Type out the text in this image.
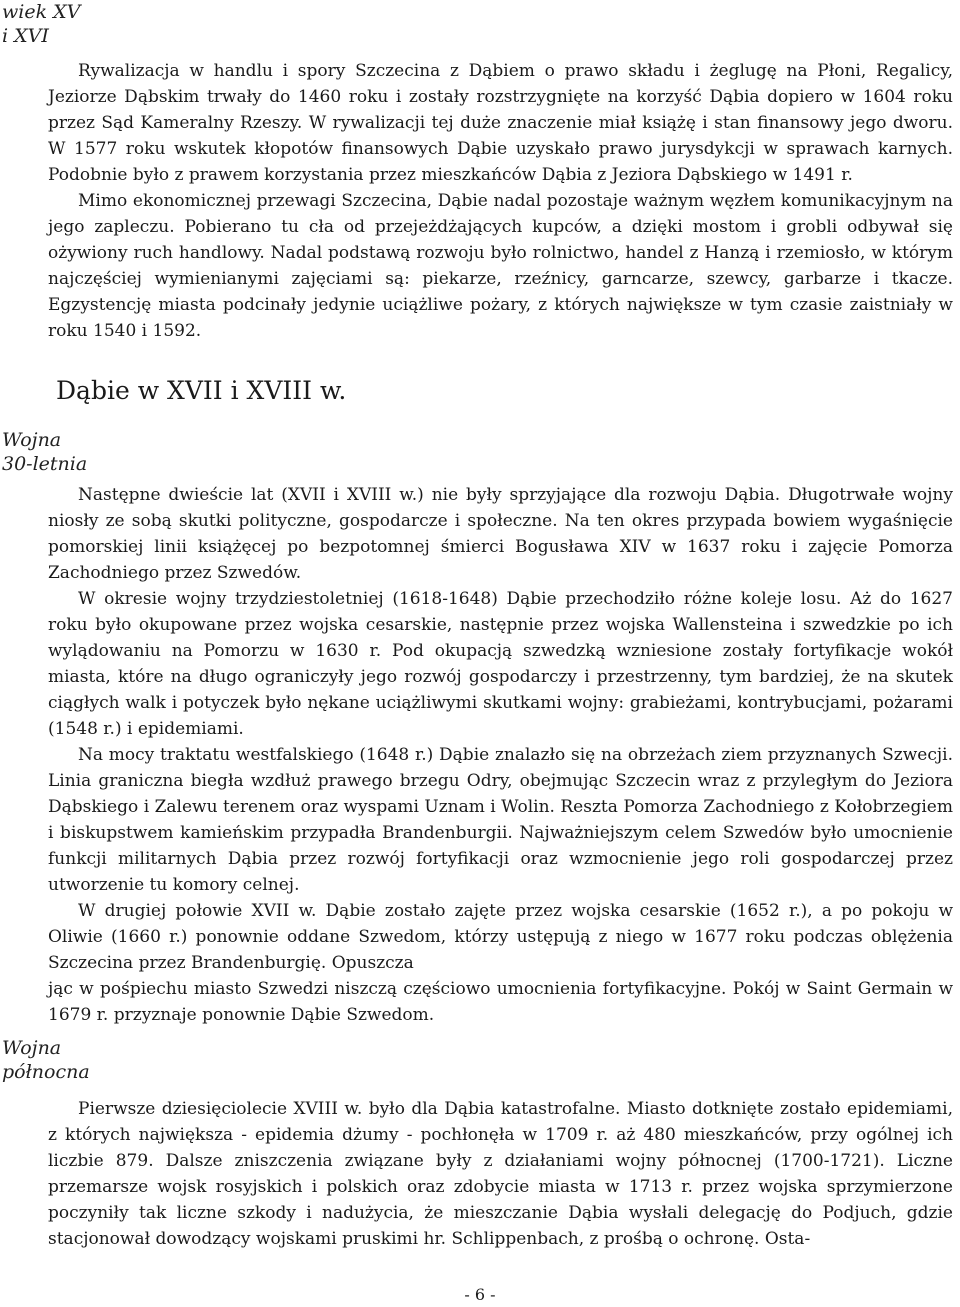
wiek XV
i XVI
Wojna
30-letnia
Wojna
północna

Rywalizacja w handlu i spory Szczecina z Dąbiem o prawo składu i żeglugę na Płoni, Regalicy, Jeziorze Dąbskim trwały do 1460 roku i zostały rozstrzygnięte na korzyść Dąbia dopiero w 1604 roku przez Sąd Kameralny Rzeszy. W rywalizacji tej duże znaczenie miał książę i stan finansowy jego dworu. W 1577 roku wskutek kłopotów finansowych Dąbie uzyskało prawo jurysdykcji w sprawach karnych. Podobnie było z prawem korzystania przez mieszkańców Dąbia z Jeziora Dąbskiego w 1491 r.

Mimo ekonomicznej przewagi Szczecina, Dąbie nadal pozostaje ważnym węzłem komunikacyjnym na jego zapleczu. Pobierano tu cła od przejeżdżających kupców, a dzięki mostom i grobli odbywał się ożywiony ruch handlowy. Nadal podstawą rozwoju było rolnictwo, handel z Hanzą i rzemiosło, w którym najczęściej wymienianymi zajęciami są: piekarze, rzeźnicy, garncarze, szewcy, garbarze i tkacze. Egzystencję miasta podcinały jedynie uciążliwe pożary, z których największe w tym czasie zaistniały w roku 1540 i 1592.

Dąbie w XVII i XVIII w.

Następne dwieście lat (XVII i XVIII w.) nie były sprzyjające dla rozwoju Dąbia. Długotrwałe wojny niosły ze sobą skutki polityczne, gospodarcze i społeczne. Na ten okres przypada bowiem wygaśnięcie pomorskiej linii książęcej po bezpotomnej śmierci Bogusława XIV w 1637 roku i zajęcie Pomorza Zachodniego przez Szwedów.

W okresie wojny trzydziestoletniej (1618-1648) Dąbie przechodziło różne koleje losu. Aż do 1627 roku było okupowane przez wojska cesarskie, następnie przez wojska Wallensteina i szwedzkie po ich wylądowaniu na Pomorzu w 1630 r. Pod okupacją szwedzką wzniesione zostały fortyfikacje wokół miasta, które na długo ograniczyły jego rozwój gospodarczy i przestrzenny, tym bardziej, że na skutek ciągłych walk i potyczek było nękane uciążliwymi skutkami wojny: grabieżami, kontrybucjami, pożarami (1548 r.) i epidemiami.

Na mocy traktatu westfalskiego (1648 r.) Dąbie znalazło się na obrzeżach ziem przyznanych Szwecji. Linia graniczna biegła wzdłuż prawego brzegu Odry, obejmując Szczecin wraz z przyległym do Jeziora Dąbskiego i Zalewu terenem oraz wyspami Uznam i Wolin. Reszta Pomorza Zachodniego z Kołobrzegiem i biskupstwem kamieńskim przypadła Brandenburgii. Najważniejszym celem Szwedów było umocnienie funkcji militarnych Dąbia przez rozwój fortyfikacji oraz wzmocnienie jego roli gospodarczej przez utworzenie tu komory celnej.

W drugiej połowie XVII w. Dąbie zostało zajęte przez wojska cesarskie (1652 r.), a po pokoju w Oliwie (1660 r.) ponownie oddane Szwedom, którzy ustępują z niego w 1677 roku podczas oblężenia Szczecina przez Brandenburgię. Opuszcza

jąc w pośpiechu miasto Szwedzi niszczą częściowo umocnienia fortyfikacyjne. Pokój w Saint Germain w 1679 r. przyznaje ponownie Dąbie Szwedom.

Pierwsze dziesięciolecie XVIII w. było dla Dąbia katastrofalne. Miasto dotknięte zostało epidemiami, z których największa - epidemia dżumy - pochłonęła w 1709 r. aż 480 mieszkańców, przy ogólnej ich liczbie 879. Dalsze zniszczenia związane były z działaniami wojny północnej (1700-1721). Liczne przemarsze wojsk rosyjskich i polskich oraz zdobycie miasta w 1713 r. przez wojska sprzymierzone poczyniły tak liczne szkody i nadużycia, że mieszczanie Dąbia wysłali delegację do Podjuch, gdzie stacjonował dowodzący wojskami pruskimi hr. Schlippenbach, z prośbą o ochronę. Osta-

- 6 -
